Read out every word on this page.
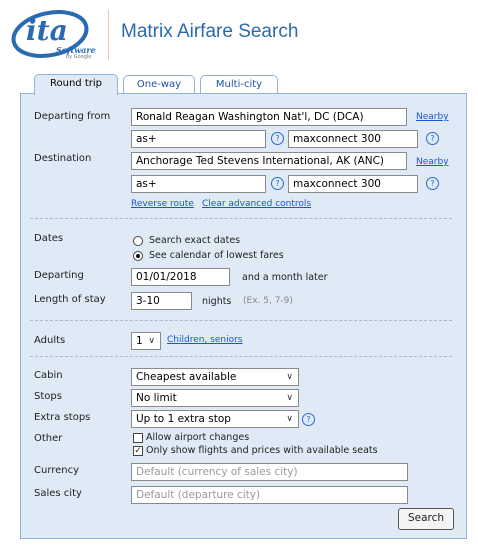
ita
Software
by Google
Matrix Airfare Search
Round trip	One-way	Multi-city
Departing from	Ronald Reagan Washington Nat'l, DC (DCA)	Nearby
as+	?	maxconnect 300	?
Destination	Anchorage Ted Stevens International, AK (ANC)	Nearby
as+	?	maxconnect 300	?
Reverse route Clear advanced controls
Dates	Search exact dates
See calendar of lowest fares
Departing	01/01/2018	and a month later
Length of stay	3-10	nights (Ex. 5, 7-9)
Adults	1 ∨ Children, seniors
Cabin	Cheapest available	∨
Stops	No limit	∨
Extra stops	Up to 1 extra stop	∨	?
Other	Allow airport changes
✓ Only show flights and prices with available seats
Currency	Default (currency of sales city)
Sales city	Default (departure city)
Search
